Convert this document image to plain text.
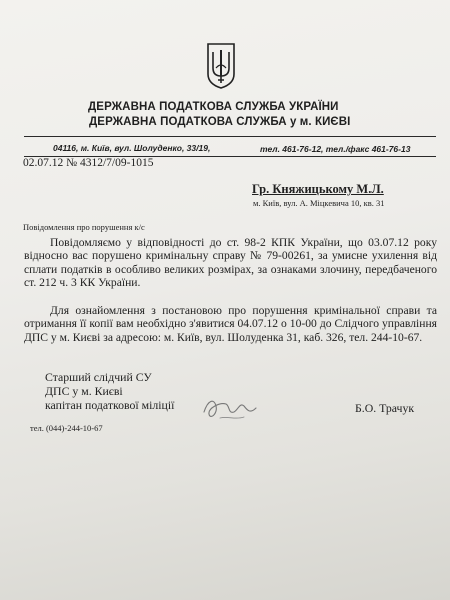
ДЕРЖАВНА ПОДАТКОВА СЛУЖБА УКРАЇНИ
ДЕРЖАВНА ПОДАТКОВА СЛУЖБА у м. КИЄВІ
04116, м. Київ, вул. Шолуденко, 33/19,	тел. 461-76-12, тел./факс 461-76-13
02.07.12 № 4312/7/09-1015
Гр. Княжицькому М.Л.
м. Київ, вул. А. Міцкевича 10, кв. 31
Повідомлення про порушення к/с
Повідомляємо у відповідності до ст. 98-2 КПК України, що 03.07.12 року відносно вас порушено кримінальну справу № 79-00261, за умисне ухилення від сплати податків в особливо великих розмірах, за ознаками злочину, передбаченого ст. 212 ч. 3 КК України.
Для ознайомлення з постановою про порушення кримінальної справи та отримання її копії вам необхідно з'явитися 04.07.12 о 10-00 до Слідчого управління ДПС у м. Києві за адресою: м. Київ, вул. Шолуденка 31, каб. 326, тел. 244-10-67.
Старший слідчий СУ
ДПС у м. Києві
капітан податкової міліції	Б.О. Трачук
тел. (044)-244-10-67
